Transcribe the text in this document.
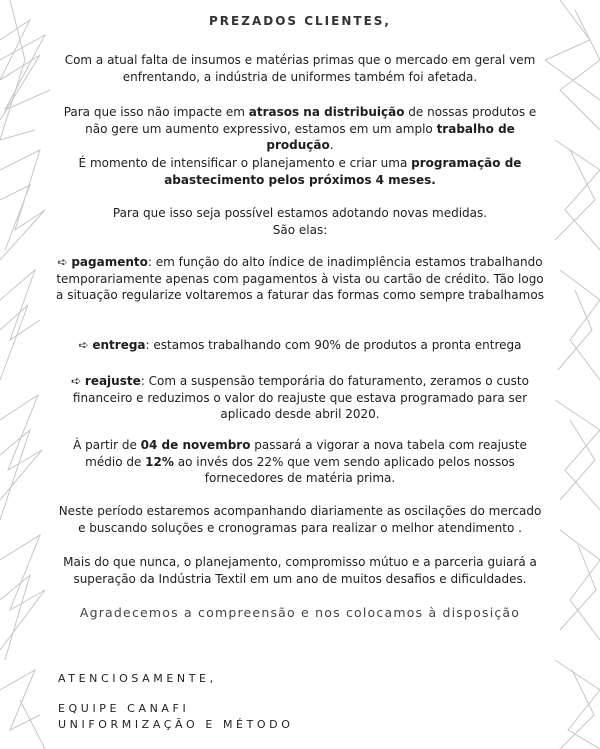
PREZADOS CLIENTES,
Com a atual falta de insumos e matérias primas que o mercado em geral vem enfrentando, a indústria de uniformes também foi afetada.
Para que isso não impacte em atrasos na distribuição de nossas produtos e não gere um aumento expressivo, estamos em um amplo trabalho de produção.
É momento de intensificar o planejamento e criar uma programação de abastecimento pelos próximos 4 meses.
Para que isso seja possível estamos adotando novas medidas.
São elas:
➪ pagamento: em função do alto índice de inadimplência estamos trabalhando temporariamente apenas com pagamentos à vista ou cartão de crédito. Tão logo a situação regularize voltaremos a faturar das formas como sempre trabalhamos
➪ entrega: estamos trabalhando com 90% de produtos a pronta entrega
➪ reajuste: Com a suspensão temporária do faturamento, zeramos o custo financeiro e reduzimos o valor do reajuste que estava programado para ser aplicado desde abril 2020.
À partir de 04 de novembro passará a vigorar a nova tabela com reajuste médio de 12% ao invés dos 22% que vem sendo aplicado pelos nossos fornecedores de matéria prima.
Neste período estaremos acompanhando diariamente as oscilações do mercado e buscando soluções e cronogramas para realizar o melhor atendimento .
Mais do que nunca, o planejamento, compromisso mútuo e a parceria guiará a superação da Indústria Textil em um ano de muitos desafios e dificuldades.
Agradecemos a compreensão e nos colocamos à disposição
ATENCIOSAMENTE,
EQUIPE CANAFI
UNIFORMIZAÇÃO E MÉTODO
